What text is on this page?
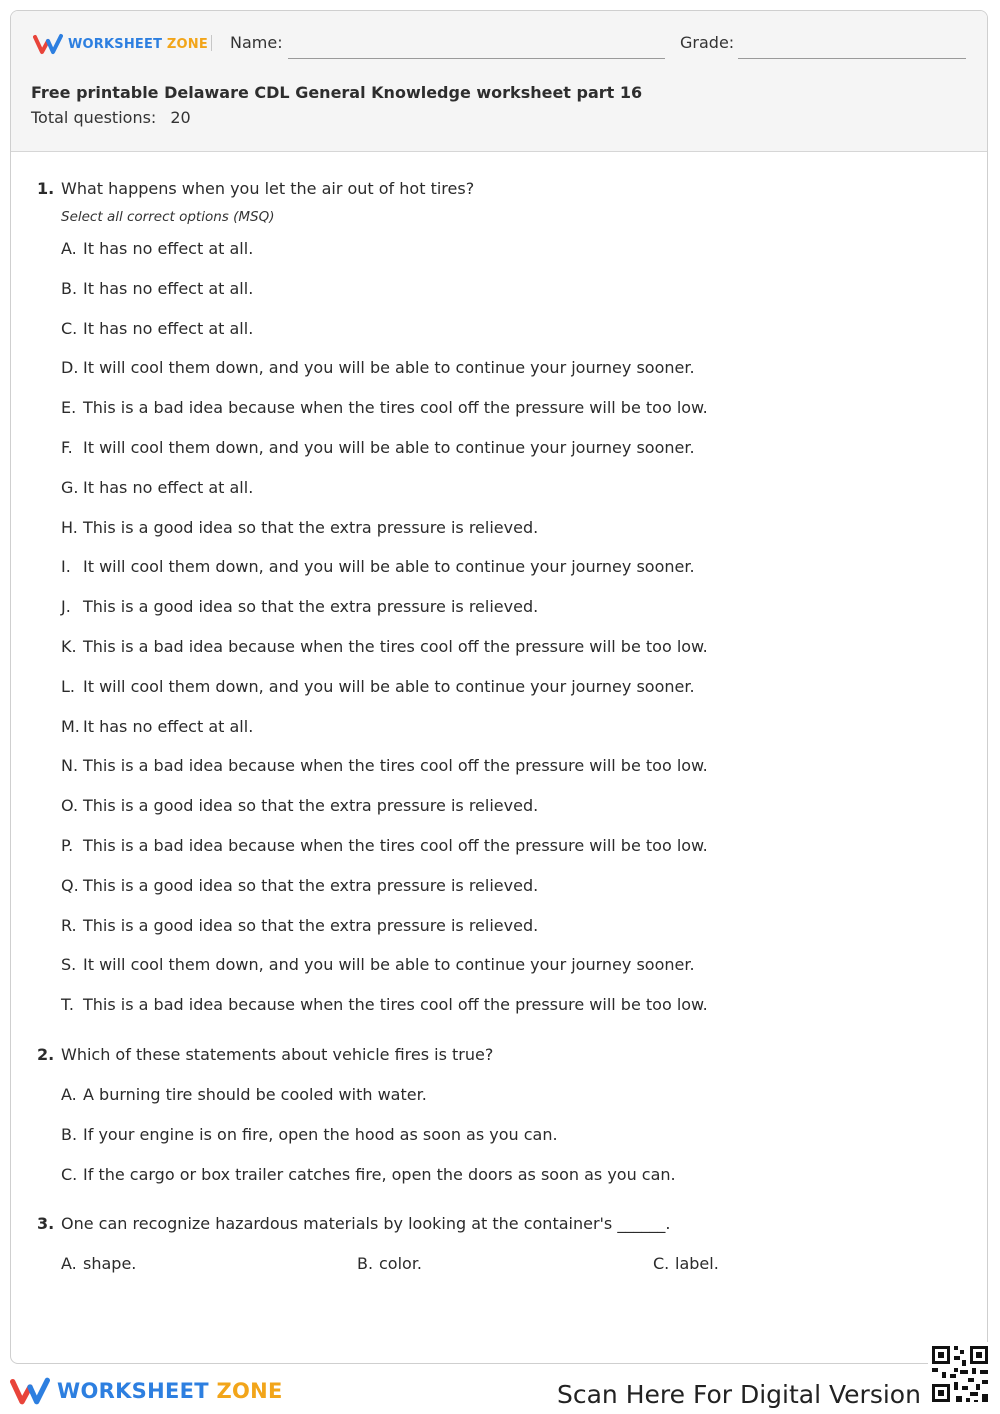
WORKSHEET ZONE Name:	Grade:
Free printable Delaware CDL General Knowledge worksheet part 16
Total questions: 20
1. What happens when you let the air out of hot tires?
Select all correct options (MSQ)
A. It has no effect at all.
B. It has no effect at all.
C. It has no effect at all.
D. It will cool them down, and you will be able to continue your journey sooner.
E. This is a bad idea because when the tires cool off the pressure will be too low.
F. It will cool them down, and you will be able to continue your journey sooner.
G. It has no effect at all.
H. This is a good idea so that the extra pressure is relieved.
I. It will cool them down, and you will be able to continue your journey sooner.
J. This is a good idea so that the extra pressure is relieved.
K. This is a bad idea because when the tires cool off the pressure will be too low.
L. It will cool them down, and you will be able to continue your journey sooner.
M. It has no effect at all.
N. This is a bad idea because when the tires cool off the pressure will be too low.
O. This is a good idea so that the extra pressure is relieved.
P. This is a bad idea because when the tires cool off the pressure will be too low.
Q. This is a good idea so that the extra pressure is relieved.
R. This is a good idea so that the extra pressure is relieved.
S. It will cool them down, and you will be able to continue your journey sooner.
T. This is a bad idea because when the tires cool off the pressure will be too low.
2. Which of these statements about vehicle fires is true?
A. A burning tire should be cooled with water.
B. If your engine is on fire, open the hood as soon as you can.
C. If the cargo or box trailer catches fire, open the doors as soon as you can.
3. One can recognize hazardous materials by looking at the container's ______.
A. shape.	B. color.	C. label.
WORKSHEET ZONE	Scan Here For Digital Version
